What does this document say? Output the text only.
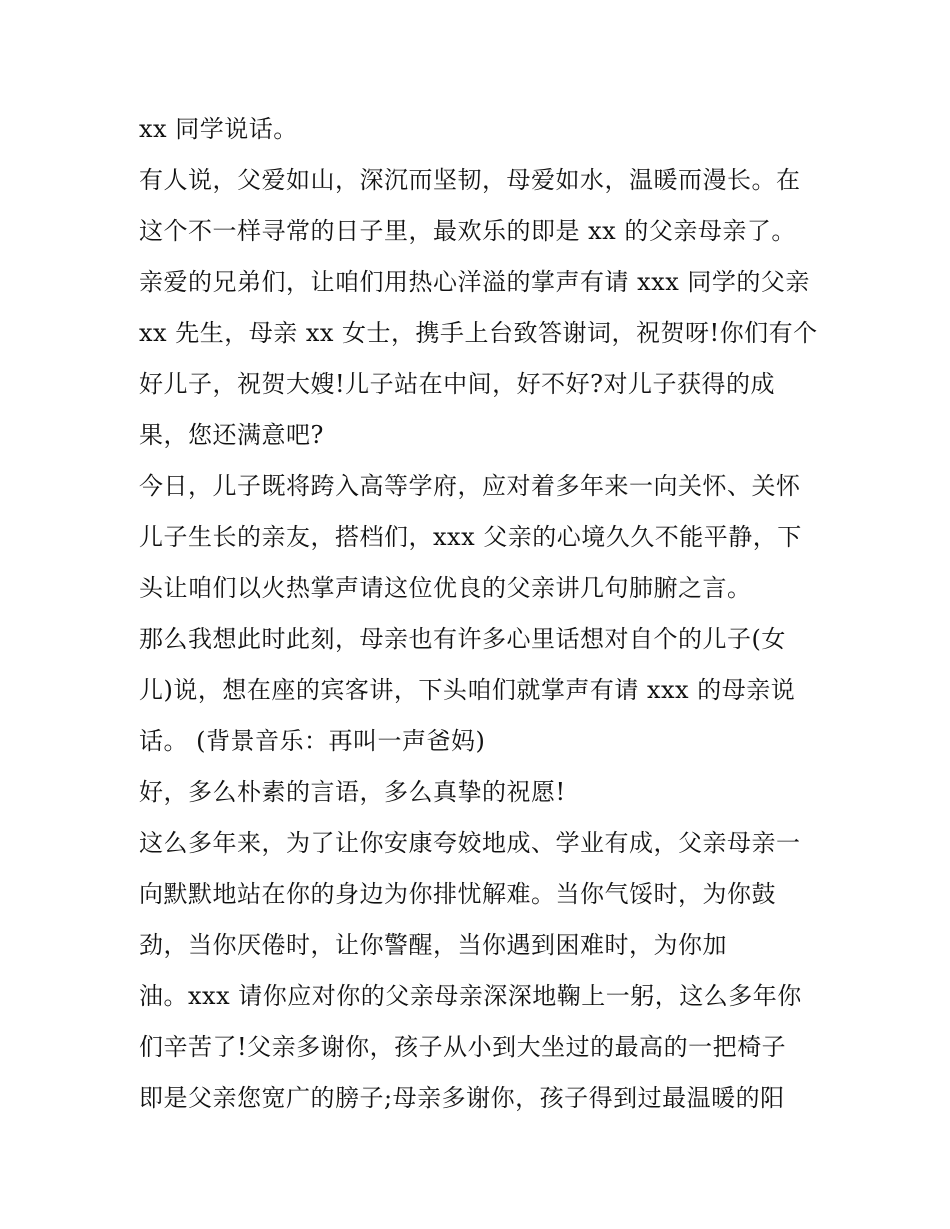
xx 同学说话。
有人说，父爱如山，深沉而坚韧，母爱如水，温暖而漫长。在
这个不一样寻常的日子里，最欢乐的即是 xx 的父亲母亲了。
亲爱的兄弟们，让咱们用热心洋溢的掌声有请 xxx 同学的父亲
xx 先生，母亲 xx 女士，携手上台致答谢词，祝贺呀!你们有个
好儿子，祝贺大嫂!儿子站在中间，好不好?对儿子获得的成
果，您还满意吧?
今日，儿子既将跨入高等学府，应对着多年来一向关怀、关怀
儿子生长的亲友，搭档们，xxx 父亲的心境久久不能平静，下
头让咱们以火热掌声请这位优良的父亲讲几句肺腑之言。
那么我想此时此刻，母亲也有许多心里话想对自个的儿子(女
儿)说，想在座的宾客讲，下头咱们就掌声有请 xxx 的母亲说
话。 (背景音乐：再叫一声爸妈)
好，多么朴素的言语，多么真挚的祝愿!
这么多年来，为了让你安康夸姣地成、学业有成，父亲母亲一
向默默地站在你的身边为你排忧解难。当你气馁时，为你鼓
劲，当你厌倦时，让你警醒，当你遇到困难时，为你加
油。xxx 请你应对你的父亲母亲深深地鞠上一躬，这么多年你
们辛苦了!父亲多谢你，孩子从小到大坐过的最高的一把椅子
即是父亲您宽广的膀子;母亲多谢你，孩子得到过最温暖的阳
